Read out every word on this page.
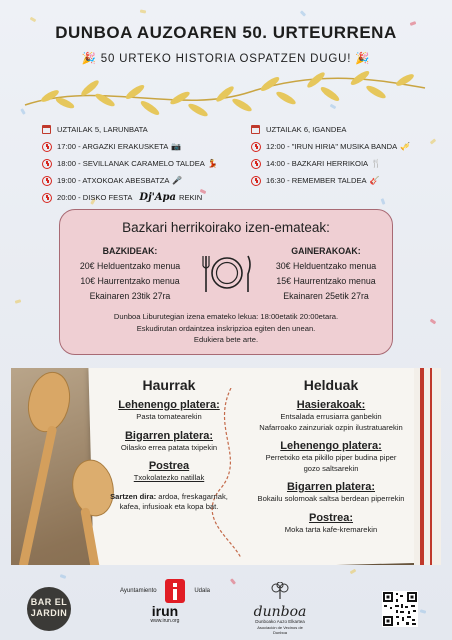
DUNBOA AUZOAREN 50. URTEURRENA
🎉 50 URTEKO HISTORIA OSPATZEN DUGU! 🎉
UZTAILAK 5, LARUNBATA
17:00 - ARGAZKI ERAKUSKETA 📷
18:00 - SEVILLANAK CARAMELO TALDEA 💃
19:00 - ATXOKOAK ABESBATZA 🎤
20:00 - DISKO FESTA Dj'Apa REKIN
UZTAILAK 6, IGANDEA
12:00 - "IRUN HIRIA" MUSIKA BANDA 🎺
14:00 - BAZKARI HERRIKOIA 🍴
16:30 - REMEMBER TALDEA 🎸
Bazkari herrikoirako izen-emateak:
BAZKIDEAK:
20€ Helduentzako menua
10€ Haurrentzako menua
Ekainaren 23tik 27ra
GAINERAKOAK:
30€ Helduentzako menua
15€ Haurrentzako menua
Ekainaren 25etik 27ra
Dunboa Liburutegian izena emateko lekua: 18:00etatik 20:00etara.
Eskudirutan ordaintzea inskripzioa egiten den unean.
Edukiera bete arte.
Haurrak
Lehenengo platera:
Pasta tomatearekin
Bigarren platera:
Oilasko errea patata txipekin
Postrea
Txokolatezko natillak
Sartzen dira: ardoa, freskagarriak, kafea, infusioak eta kopa bat.
Helduak
Hasierakoak:
Entsalada errusiarra ganbekin
Nafarroako zainzuriak ozpin ilustratuarekin
Lehenengo platera:
Perretxiko eta pikillo piper budina piper
gozo saltsarekin
Bigarren platera:
Bokailu solomoak saltsa berdean piperrekin
Postrea:
Moka tarta kafe-kremarekin
BAR EL
JARDIN
Ayuntamiento	Udala
irun
www.irun.org
dunboa
Dunboako Auzo Elkartea
Asociación de Vecinos de Dunboa
